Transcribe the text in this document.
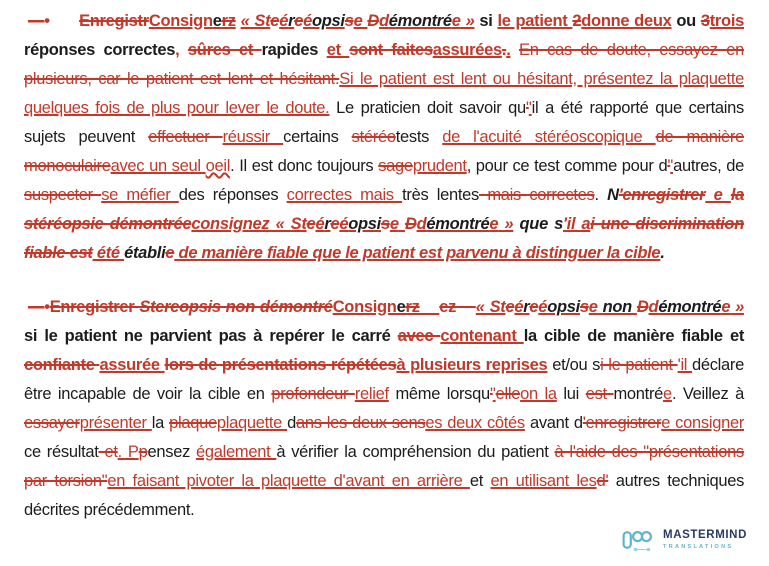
—• EnregistrConsignerz « Steéreéopsise Ddémontrée » si le patient 2donne deux ou 3trois réponses correctes, sûres et rapides et sont faitesassurées.. En cas de doute, essayez en plusieurs, car le patient est lent et hésitant.Si le patient est lent ou hésitant, présentez la plaquette quelques fois de plus pour lever le doute. Le praticien doit savoir qu''il a été rapporté que certains sujets peuvent effectuer réussir certains stéréotests de l'acuité stéréoscopique de manière monoculaireavec un seul oeil. Il est donc toujours sageprudent, pour ce test comme pour d''autres, de suspecter se méfier des réponses correctes mais très lentes mais correctes. N'enregistrer e la stéréopsie démontréeconsignez « Steéreéopsise Ddémontrée » que s'il ai une discrimination fiable est été établie de manière fiable que le patient est parvenu à distinguer la cible.

—•Enregistrer Stereopsis non démontréConsignerz ez « Steéreéopsise non Ddémontrée » si le patient ne parvient pas à repérer le carré avec contenant la cible de manière fiable et confiante assurée lors de présentations répétéesà plusieurs reprises et/ou si le patient 'il déclare être incapable de voir la cible en profondeur relief même lorsqu''elleon la lui est montrée. Veillez à essayerprésenter la plaqueplaquette dans les deux senses deux côtés avant d'enregistrere consigner ce résultat et. Ppensez également à vérifier la compréhension du patient à l'aide des "présentations par torsion"en faisant pivoter la plaquette d'avant en arrière et en utilisant lesd' autres techniques décrites précédemment.

MASTERMIND
TRANSLATIONS
